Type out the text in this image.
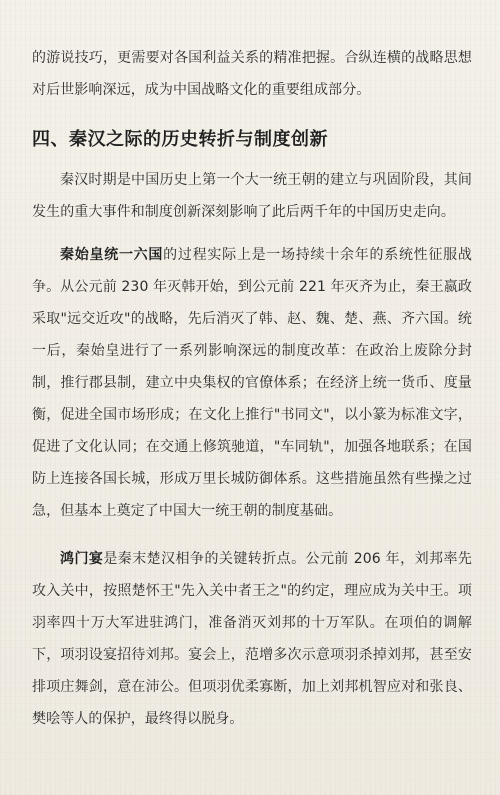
的游说技巧，更需要对各国利益关系的精准把握。合纵连横的战略思想对后世影响深远，成为中国战略文化的重要组成部分。

四、秦汉之际的历史转折与制度创新

秦汉时期是中国历史上第一个大一统王朝的建立与巩固阶段，其间发生的重大事件和制度创新深刻影响了此后两千年的中国历史走向。

秦始皇统一六国的过程实际上是一场持续十余年的系统性征服战争。从公元前 230 年灭韩开始，到公元前 221 年灭齐为止，秦王嬴政采取"远交近攻"的战略，先后消灭了韩、赵、魏、楚、燕、齐六国。统一后，秦始皇进行了一系列影响深远的制度改革：在政治上废除分封制，推行郡县制，建立中央集权的官僚体系；在经济上统一货币、度量衡，促进全国市场形成；在文化上推行"书同文"，以小篆为标准文字，促进了文化认同；在交通上修筑驰道，"车同轨"，加强各地联系；在国防上连接各国长城，形成万里长城防御体系。这些措施虽然有些操之过急，但基本上奠定了中国大一统王朝的制度基础。

鸿门宴是秦末楚汉相争的关键转折点。公元前 206 年，刘邦率先攻入关中，按照楚怀王"先入关中者王之"的约定，理应成为关中王。项羽率四十万大军进驻鸿门，准备消灭刘邦的十万军队。在项伯的调解下，项羽设宴招待刘邦。宴会上，范增多次示意项羽杀掉刘邦，甚至安排项庄舞剑，意在沛公。但项羽优柔寡断，加上刘邦机智应对和张良、樊哙等人的保护，最终得以脱身。
